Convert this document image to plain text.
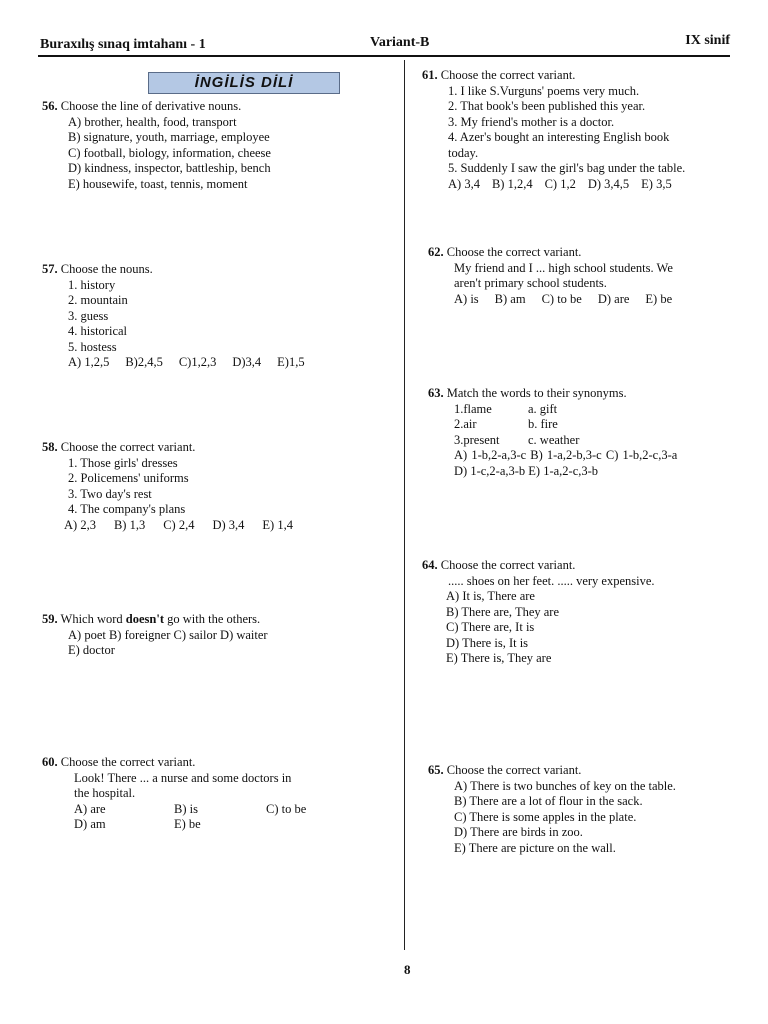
Buraxılış sınaq imtahanı - 1	Variant-B	IX sinif
İNGİLİS DİLİ
56. Choose the line of derivative nouns.
A) brother, health, food, transport
B) signature, youth, marriage, employee
C) football, biology, information, cheese
D) kindness, inspector, battleship, bench
E) housewife, toast, tennis, moment
57. Choose the nouns.
1. history
2. mountain
3. guess
4. historical
5. hostess
A) 1,2,5 B)2,4,5 C)1,2,3 D)3,4 E)1,5
58. Choose the correct variant.
1. Those girls' dresses
2. Policemens' uniforms
3. Two day's rest
4. The company's plans
A) 2,3 B) 1,3 C) 2,4 D) 3,4 E) 1,4
59. Which word doesn't go with the others.
A) poet B) foreigner C) sailor D) waiter
E) doctor
60. Choose the correct variant.
Look! There ... a nurse and some doctors in
the hospital.
A) are	B) is	C) to be
D) am	E) be
61. Choose the correct variant.
1. I like S.Vurguns' poems very much.
2. That book's been published this year.
3. My friend's mother is a doctor.
4. Azer's bought an interesting English book
today.
5. Suddenly I saw the girl's bag under the table.
A) 3,4 B) 1,2,4 C) 1,2 D) 3,4,5 E) 3,5
62. Choose the correct variant.
My friend and I ... high school students. We
aren't primary school students.
A) is B) am C) to be D) are E) be
63. Match the words to their synonyms.
1.flame	a. gift
2.air	b. fire
3.present	c. weather
A) 1-b,2-a,3-c B) 1-a,2-b,3-c C) 1-b,2-c,3-a
D) 1-c,2-a,3-b E) 1-a,2-c,3-b
64. Choose the correct variant.
..... shoes on her feet. ..... very expensive.
A) It is, There are
B) There are, They are
C) There are, It is
D) There is, It is
E) There is, They are
65. Choose the correct variant.
A) There is two bunches of key on the table.
B) There are a lot of flour in the sack.
C) There is some apples in the plate.
D) There are birds in zoo.
E) There are picture on the wall.
8
